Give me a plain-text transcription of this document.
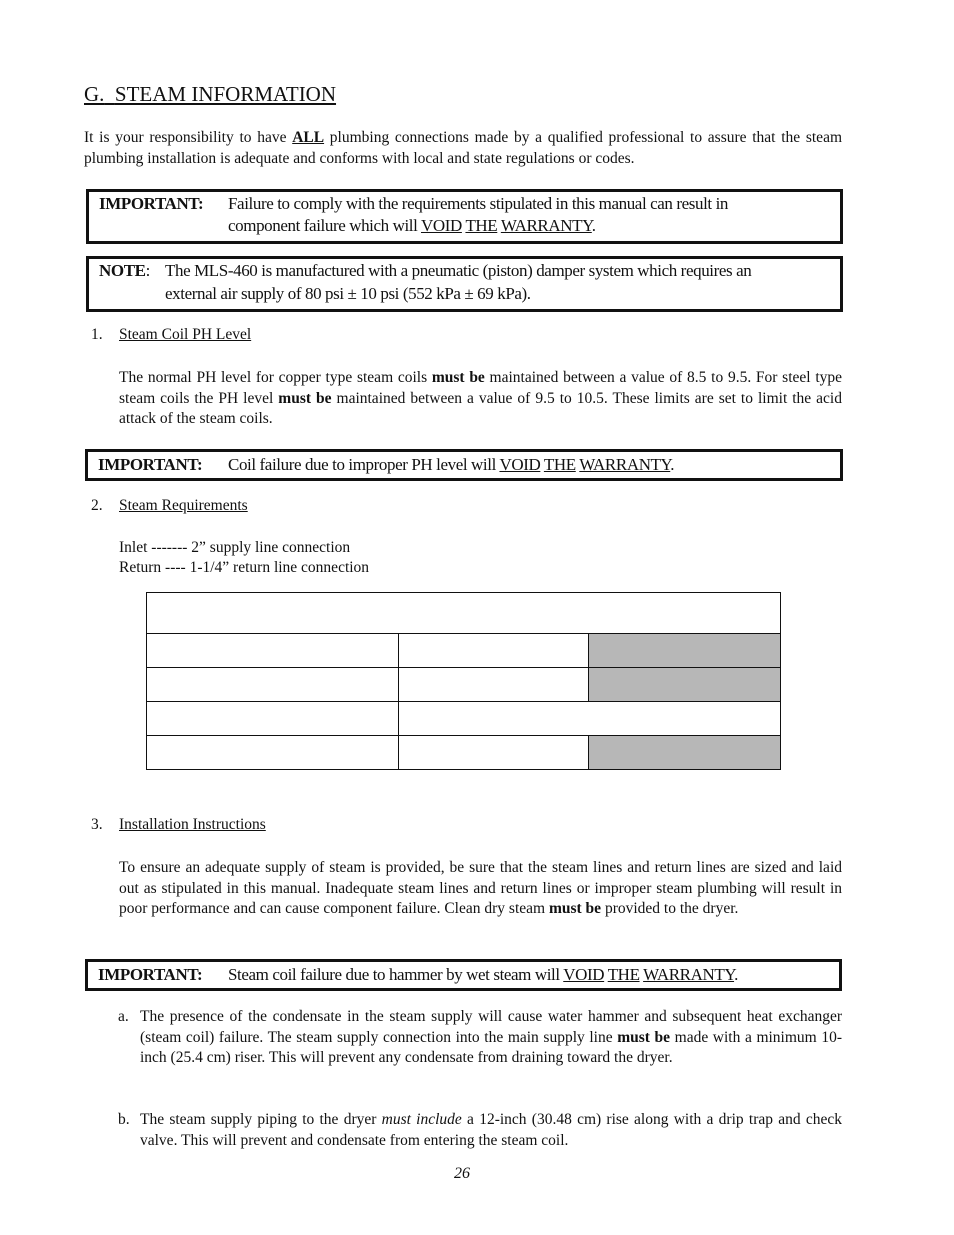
G. STEAM INFORMATION

It is your responsibility to have ALL plumbing connections made by a qualified professional to assure that the steam plumbing installation is adequate and conforms with local and state regulations or codes.

IMPORTANT: Failure to comply with the requirements stipulated in this manual can result in
component failure which will VOID THE WARRANTY.
NOTE: The MLS-460 is manufactured with a pneumatic (piston) damper system which requires an
external air supply of 80 psi ± 10 psi (552 kPa ± 69 kPa).
1. Steam Coil PH Level

The normal PH level for copper type steam coils must be maintained between a value of 8.5 to 9.5. For steel type steam coils the PH level must be maintained between a value of 9.5 to 10.5. These limits are set to limit the acid attack of the steam coils.

IMPORTANT: Coil failure due to improper PH level will VOID THE WARRANTY.
2. Steam Requirements
Inlet ------- 2” supply line connection
Return ---- 1-1/4” return line connection

3. Installation Instructions

To ensure an adequate supply of steam is provided, be sure that the steam lines and return lines are sized and laid out as stipulated in this manual. Inadequate steam lines and return lines or improper steam plumbing will result in poor performance and can cause component failure. Clean dry steam must be provided to the dryer.

IMPORTANT: Steam coil failure due to hammer by wet steam will VOID THE WARRANTY.
a. The presence of the condensate in the steam supply will cause water hammer and subsequent heat exchanger (steam coil) failure. The steam supply connection into the main supply line must be made with a minimum 10-inch (25.4 cm) riser. This will prevent any condensate from draining toward the dryer.

b. The steam supply piping to the dryer must include a 12-inch (30.48 cm) rise along with a drip trap and check valve. This will prevent and condensate from entering the steam coil.

26
